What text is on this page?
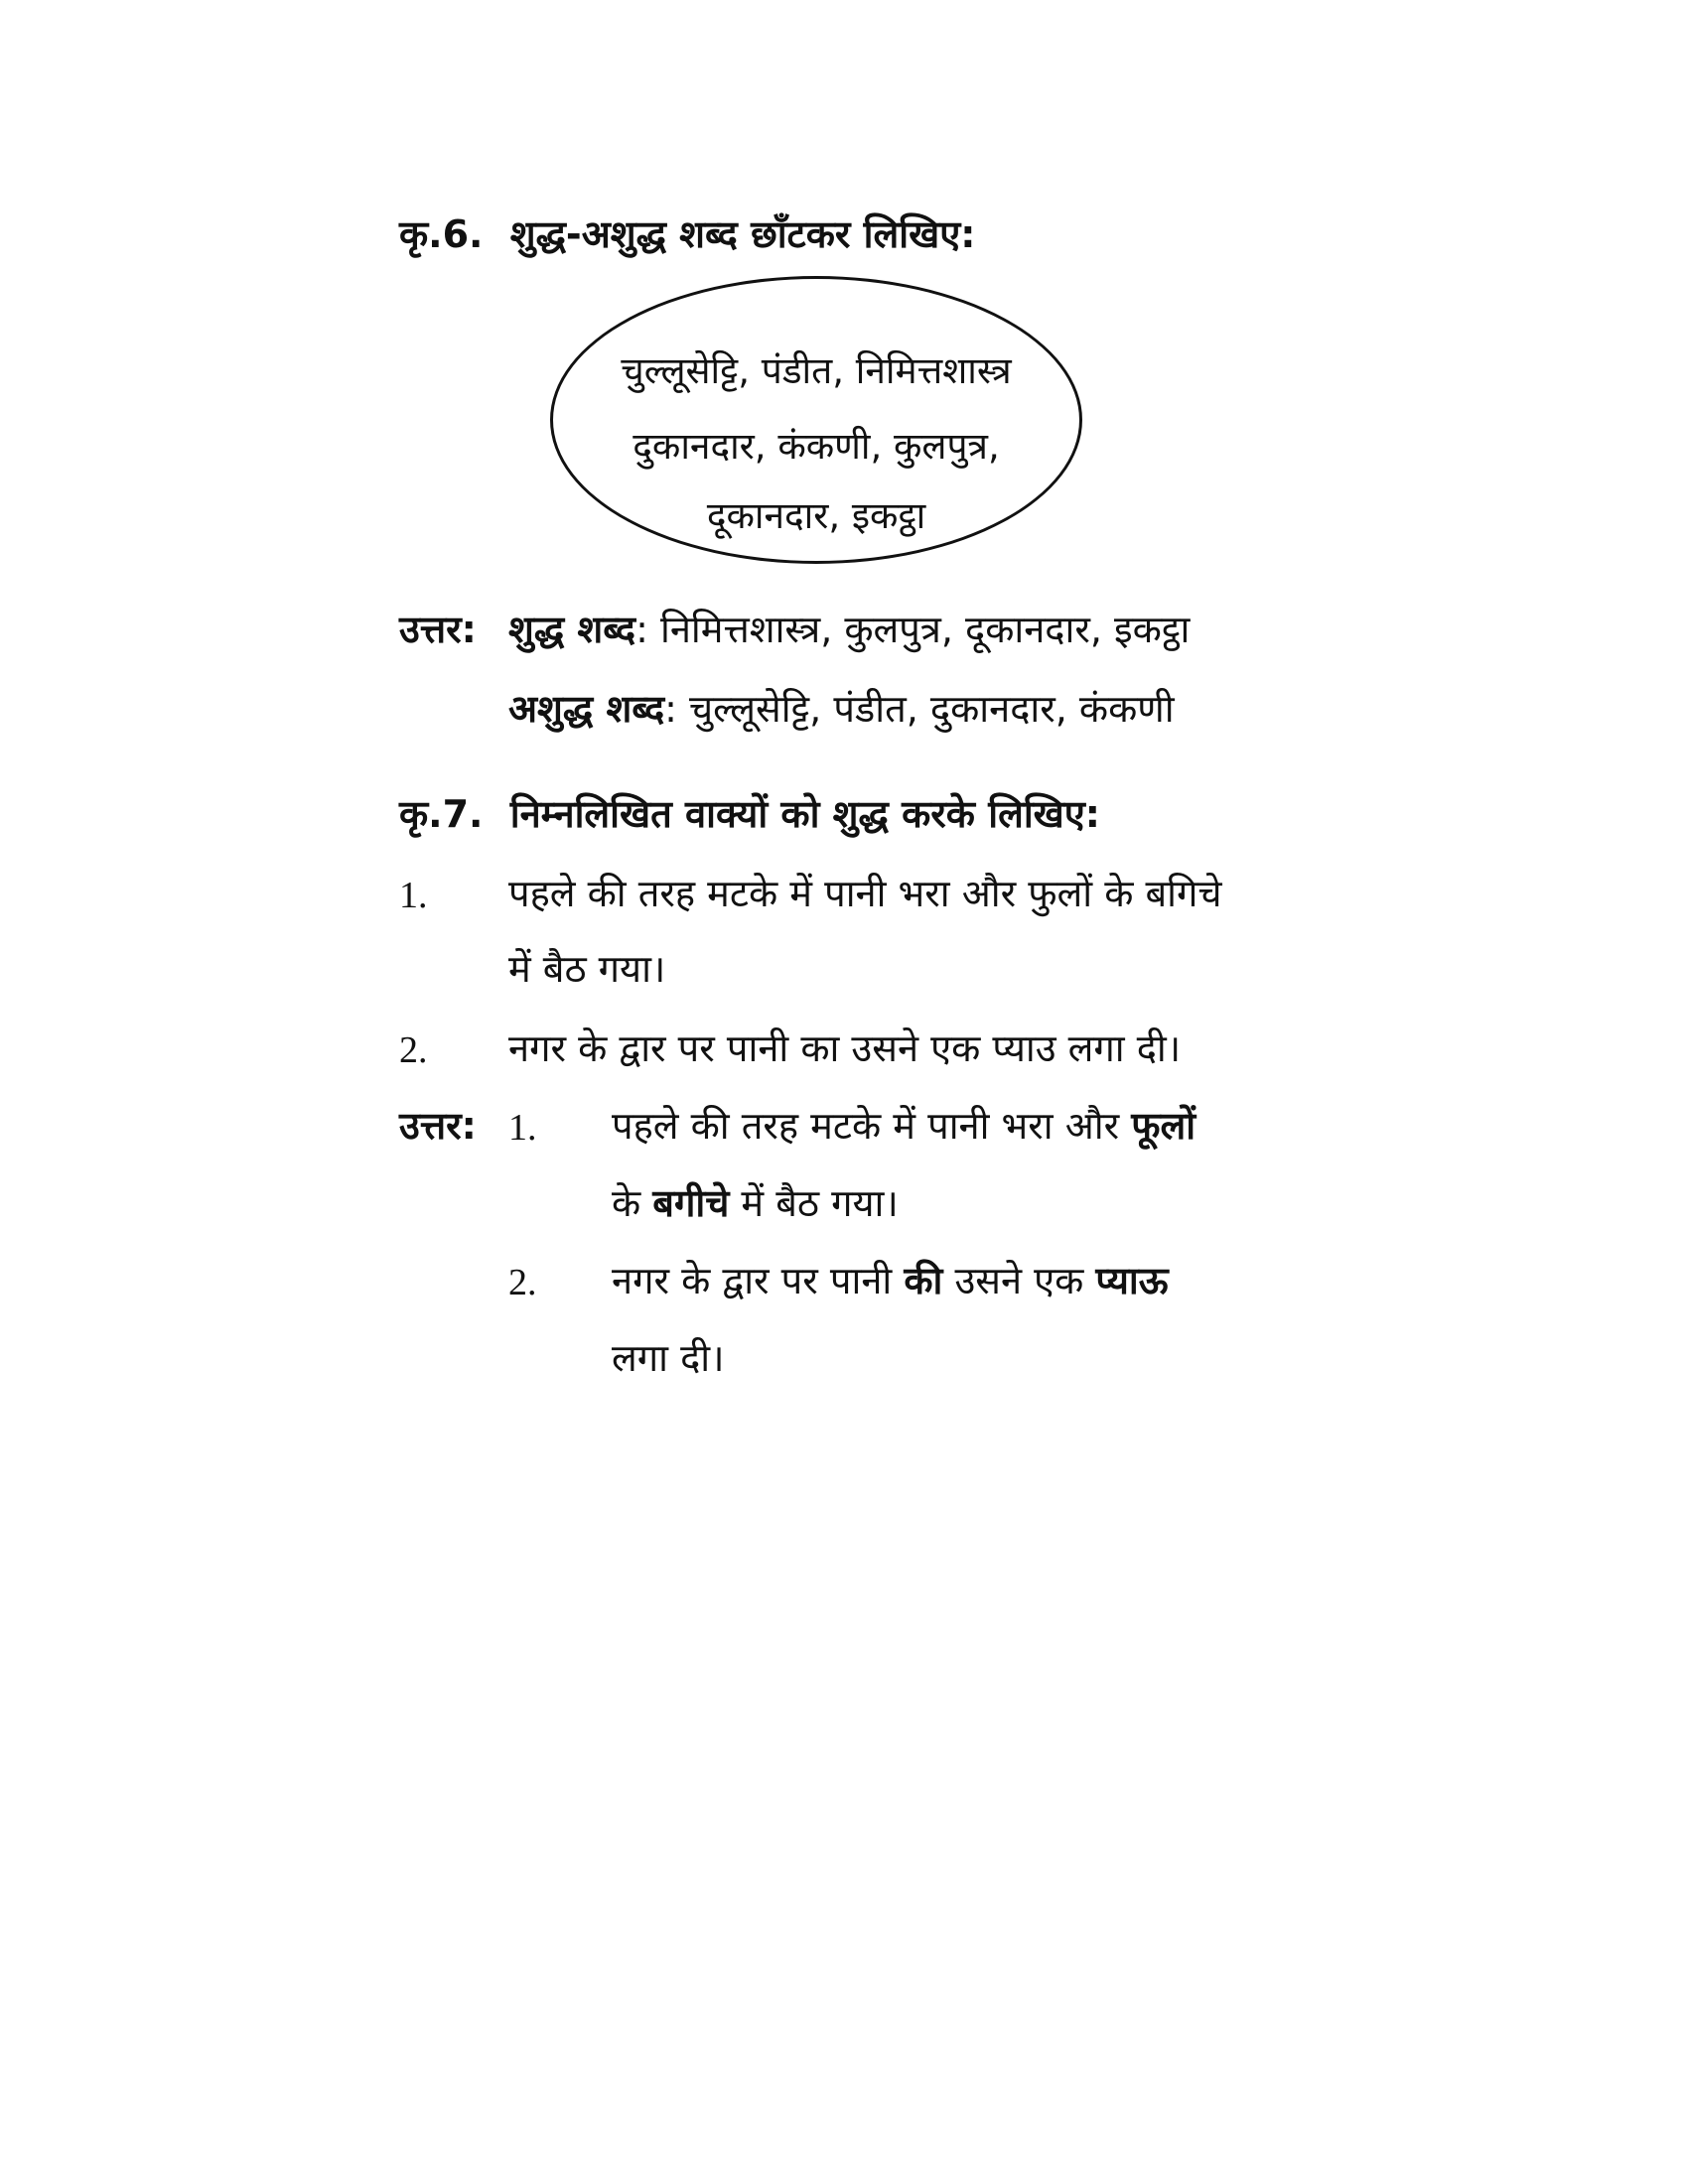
कृ.6. शुद्ध-अशुद्ध शब्द छाँटकर लिखिए:
चुल्लूसेट्टि, पंडीत, निमित्तशास्त्र
दुकानदार, कंकणी, कुलपुत्र,
दूकानदार, इकट्ठा
उत्तर: शुद्ध शब्द: निमित्तशास्त्र, कुलपुत्र, दूकानदार, इकट्ठा
अशुद्ध शब्द: चुल्लूसेट्टि, पंडीत, दुकानदार, कंकणी
कृ.7. निम्नलिखित वाक्यों को शुद्ध करके लिखिए:
1. पहले की तरह मटके में पानी भरा और फुलों के बगिचे
में बैठ गया।
2. नगर के द्वार पर पानी का उसने एक प्याउ लगा दी।
उत्तर: 1. पहले की तरह मटके में पानी भरा और फूलों
के बगीचे में बैठ गया।
2. नगर के द्वार पर पानी की उसने एक प्याऊ
लगा दी।
